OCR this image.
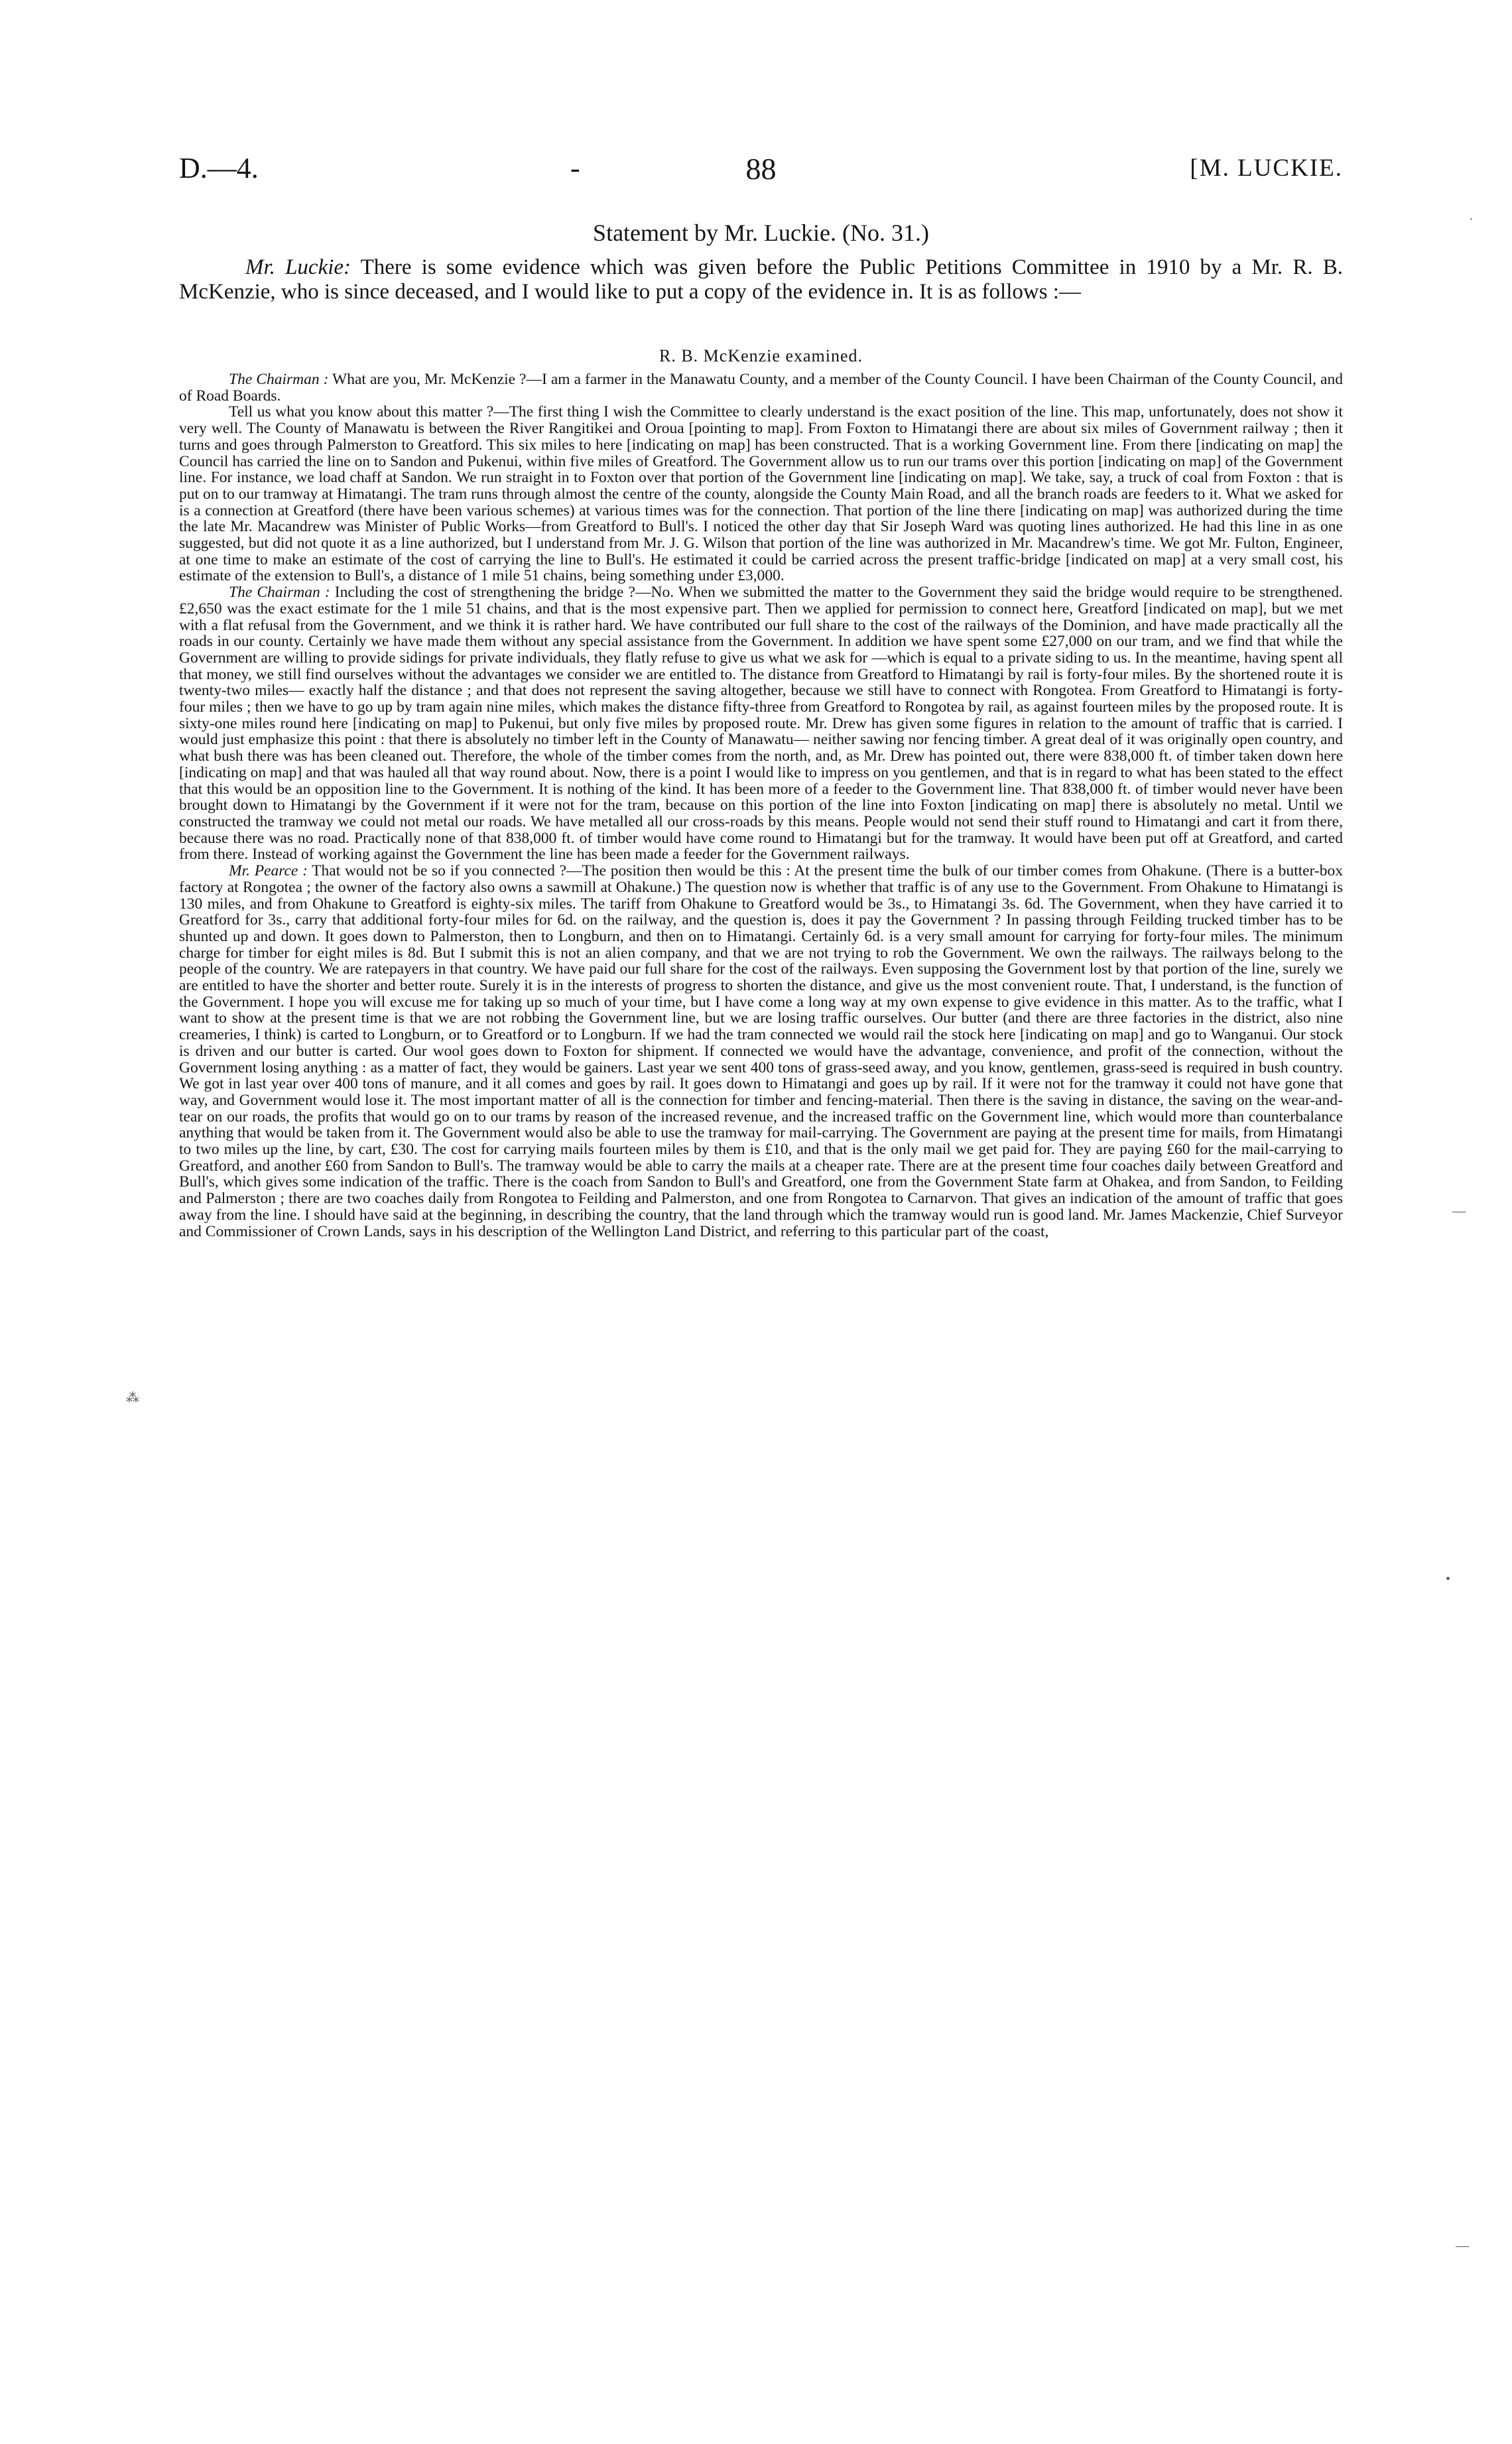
D.—4.	-	88	[M. LUCKIE.
Statement by Mr. Luckie. (No. 31.)

Mr. Luckie: There is some evidence which was given before the Public Petitions Committee in 1910 by a Mr. R. B. McKenzie, who is since deceased, and I would like to put a copy of the evidence in. It is as follows :—

R. B. McKenzie examined.

The Chairman : What are you, Mr. McKenzie ?—I am a farmer in the Manawatu County, and a member of the County Council. I have been Chairman of the County Council, and of Road Boards.

Tell us what you know about this matter ?—The first thing I wish the Committee to clearly understand is the exact position of the line. This map, unfortunately, does not show it very well. The County of Manawatu is between the River Rangitikei and Oroua [pointing to map]. From Foxton to Himatangi there are about six miles of Government railway ; then it turns and goes through Palmerston to Greatford. This six miles to here [indicating on map] has been constructed. That is a working Government line. From there [indicating on map] the Council has carried the line on to Sandon and Pukenui, within five miles of Greatford. The Government allow us to run our trams over this portion [indicating on map] of the Government line. For instance, we load chaff at Sandon. We run straight in to Foxton over that portion of the Government line [indicating on map]. We take, say, a truck of coal from Foxton : that is put on to our tramway at Himatangi. The tram runs through almost the centre of the county, alongside the County Main Road, and all the branch roads are feeders to it. What we asked for is a connection at Greatford (there have been various schemes) at various times was for the connection. That portion of the line there [indicating on map] was authorized during the time the late Mr. Macandrew was Minister of Public Works—from Greatford to Bull's. I noticed the other day that Sir Joseph Ward was quoting lines authorized. He had this line in as one suggested, but did not quote it as a line authorized, but I understand from Mr. J. G. Wilson that portion of the line was authorized in Mr. Macandrew's time. We got Mr. Fulton, Engineer, at one time to make an estimate of the cost of carrying the line to Bull's. He estimated it could be carried across the present traffic-bridge [indicated on map] at a very small cost, his estimate of the extension to Bull's, a distance of 1 mile 51 chains, being something under £3,000.

The Chairman : Including the cost of strengthening the bridge ?—No. When we submitted the matter to the Government they said the bridge would require to be strengthened. £2,650 was the exact estimate for the 1 mile 51 chains, and that is the most expensive part. Then we applied for permission to connect here, Greatford [indicated on map], but we met with a flat refusal from the Government, and we think it is rather hard. We have contributed our full share to the cost of the railways of the Dominion, and have made practically all the roads in our county. Certainly we have made them without any special assistance from the Government. In addition we have spent some £27,000 on our tram, and we find that while the Government are willing to provide sidings for private individuals, they flatly refuse to give us what we ask for —which is equal to a private siding to us. In the meantime, having spent all that money, we still find ourselves without the advantages we consider we are entitled to. The distance from Greatford to Himatangi by rail is forty-four miles. By the shortened route it is twenty-two miles— exactly half the distance ; and that does not represent the saving altogether, because we still have to connect with Rongotea. From Greatford to Himatangi is forty-four miles ; then we have to go up by tram again nine miles, which makes the distance fifty-three from Greatford to Rongotea by rail, as against fourteen miles by the proposed route. It is sixty-one miles round here [indicating on map] to Pukenui, but only five miles by proposed route. Mr. Drew has given some figures in relation to the amount of traffic that is carried. I would just emphasize this point : that there is absolutely no timber left in the County of Manawatu— neither sawing nor fencing timber. A great deal of it was originally open country, and what bush there was has been cleaned out. Therefore, the whole of the timber comes from the north, and, as Mr. Drew has pointed out, there were 838,000 ft. of timber taken down here [indicating on map] and that was hauled all that way round about. Now, there is a point I would like to impress on you gentlemen, and that is in regard to what has been stated to the effect that this would be an opposition line to the Government. It is nothing of the kind. It has been more of a feeder to the Government line. That 838,000 ft. of timber would never have been brought down to Himatangi by the Government if it were not for the tram, because on this portion of the line into Foxton [indicating on map] there is absolutely no metal. Until we constructed the tramway we could not metal our roads. We have metalled all our cross-roads by this means. People would not send their stuff round to Himatangi and cart it from there, because there was no road. Practically none of that 838,000 ft. of timber would have come round to Himatangi but for the tramway. It would have been put off at Greatford, and carted from there. Instead of working against the Government the line has been made a feeder for the Government railways.

Mr. Pearce : That would not be so if you connected ?—The position then would be this : At the present time the bulk of our timber comes from Ohakune. (There is a butter-box factory at Rongotea ; the owner of the factory also owns a sawmill at Ohakune.) The question now is whether that traffic is of any use to the Government. From Ohakune to Himatangi is 130 miles, and from Ohakune to Greatford is eighty-six miles. The tariff from Ohakune to Greatford would be 3s., to Himatangi 3s. 6d. The Government, when they have carried it to Greatford for 3s., carry that additional forty-four miles for 6d. on the railway, and the question is, does it pay the Government ? In passing through Feilding trucked timber has to be shunted up and down. It goes down to Palmerston, then to Longburn, and then on to Himatangi. Certainly 6d. is a very small amount for carrying for forty-four miles. The minimum charge for timber for eight miles is 8d. But I submit this is not an alien company, and that we are not trying to rob the Government. We own the railways. The railways belong to the people of the country. We are ratepayers in that country. We have paid our full share for the cost of the railways. Even supposing the Government lost by that portion of the line, surely we are entitled to have the shorter and better route. Surely it is in the interests of progress to shorten the distance, and give us the most convenient route. That, I understand, is the function of the Government. I hope you will excuse me for taking up so much of your time, but I have come a long way at my own expense to give evidence in this matter. As to the traffic, what I want to show at the present time is that we are not robbing the Government line, but we are losing traffic ourselves. Our butter (and there are three factories in the district, also nine creameries, I think) is carted to Longburn, or to Greatford or to Longburn. If we had the tram connected we would rail the stock here [indicating on map] and go to Wanganui. Our stock is driven and our butter is carted. Our wool goes down to Foxton for shipment. If connected we would have the advantage, convenience, and profit of the connection, without the Government losing anything : as a matter of fact, they would be gainers. Last year we sent 400 tons of grass-seed away, and you know, gentlemen, grass-seed is required in bush country. We got in last year over 400 tons of manure, and it all comes and goes by rail. It goes down to Himatangi and goes up by rail. If it were not for the tramway it could not have gone that way, and Government would lose it. The most important matter of all is the connection for timber and fencing-material. Then there is the saving in distance, the saving on the wear-and-tear on our roads, the profits that would go on to our trams by reason of the increased revenue, and the increased traffic on the Government line, which would more than counterbalance anything that would be taken from it. The Government would also be able to use the tramway for mail-carrying. The Government are paying at the present time for mails, from Himatangi to two miles up the line, by cart, £30. The cost for carrying mails fourteen miles by them is £10, and that is the only mail we get paid for. They are paying £60 for the mail-carrying to Greatford, and another £60 from Sandon to Bull's. The tramway would be able to carry the mails at a cheaper rate. There are at the present time four coaches daily between Greatford and Bull's, which gives some indication of the traffic. There is the coach from Sandon to Bull's and Greatford, one from the Government State farm at Ohakea, and from Sandon, to Feilding and Palmerston ; there are two coaches daily from Rongotea to Feilding and Palmerston, and one from Rongotea to Carnarvon. That gives an indication of the amount of traffic that goes away from the line. I should have said at the beginning, in describing the country, that the land through which the tramway would run is good land. Mr. James Mackenzie, Chief Surveyor and Commissioner of Crown Lands, says in his description of the Wellington Land District, and referring to this particular part of the coast,

·
—
•
—
⁂
